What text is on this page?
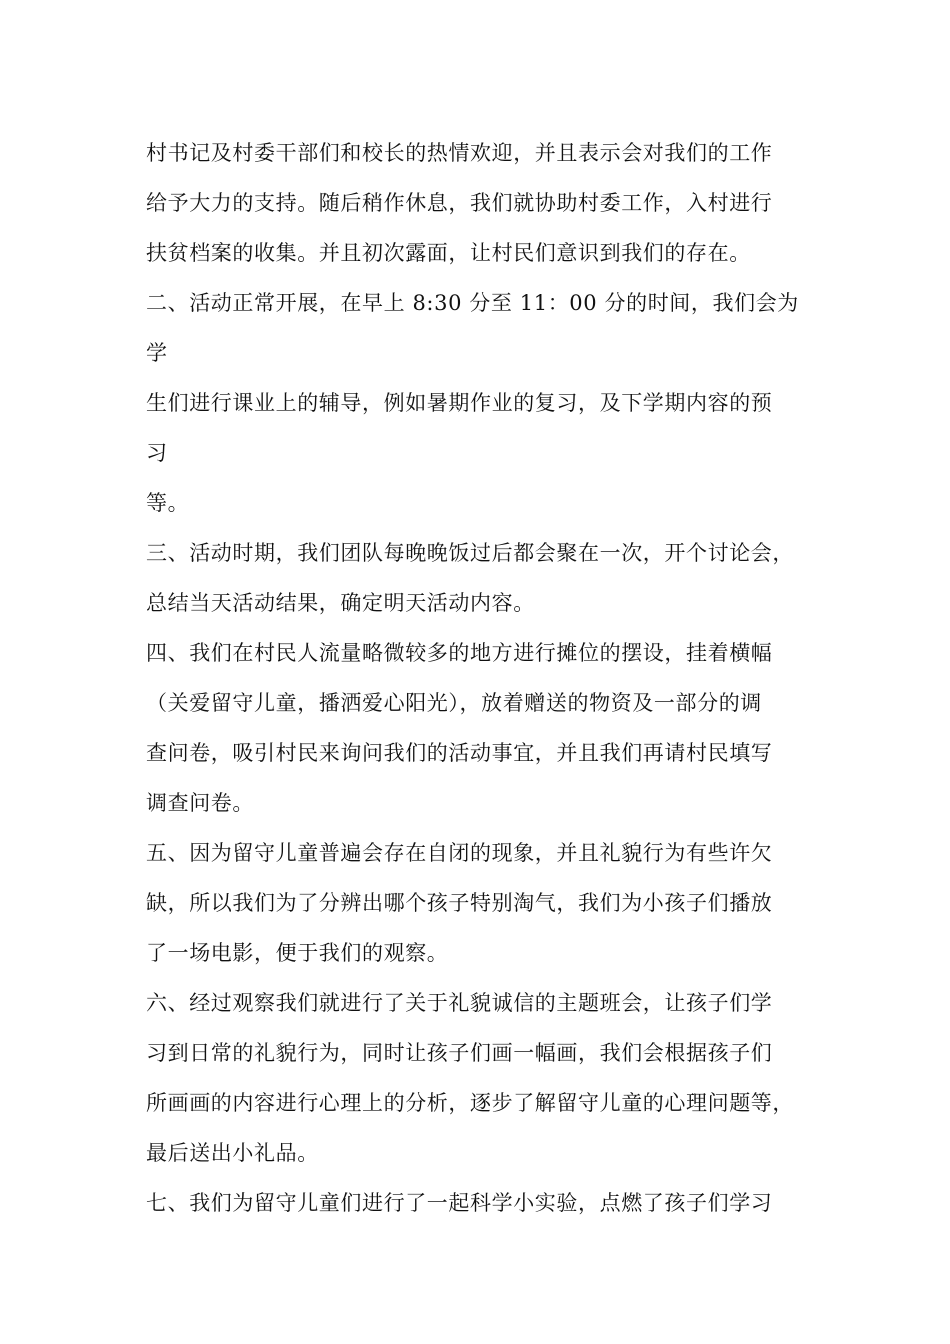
村书记及村委干部们和校长的热情欢迎，并且表示会对我们的工作
给予大力的支持。随后稍作休息，我们就协助村委工作，入村进行
扶贫档案的收集。并且初次露面，让村民们意识到我们的存在。
二、活动正常开展，在早上 8:30 分至 11：00 分的时间，我们会为
学
生们进行课业上的辅导，例如暑期作业的复习，及下学期内容的预
习
等。
三、活动时期，我们团队每晚晚饭过后都会聚在一次，开个讨论会，
总结当天活动结果，确定明天活动内容。
四、我们在村民人流量略微较多的地方进行摊位的摆设，挂着横幅
（关爱留守儿童，播洒爱心阳光），放着赠送的物资及一部分的调
查问卷，吸引村民来询问我们的活动事宜，并且我们再请村民填写
调查问卷。
五、因为留守儿童普遍会存在自闭的现象，并且礼貌行为有些许欠
缺，所以我们为了分辨出哪个孩子特别淘气，我们为小孩子们播放
了一场电影，便于我们的观察。
六、经过观察我们就进行了关于礼貌诚信的主题班会，让孩子们学
习到日常的礼貌行为，同时让孩子们画一幅画，我们会根据孩子们
所画画的内容进行心理上的分析，逐步了解留守儿童的心理问题等，
最后送出小礼品。
七、我们为留守儿童们进行了一起科学小实验，点燃了孩子们学习
